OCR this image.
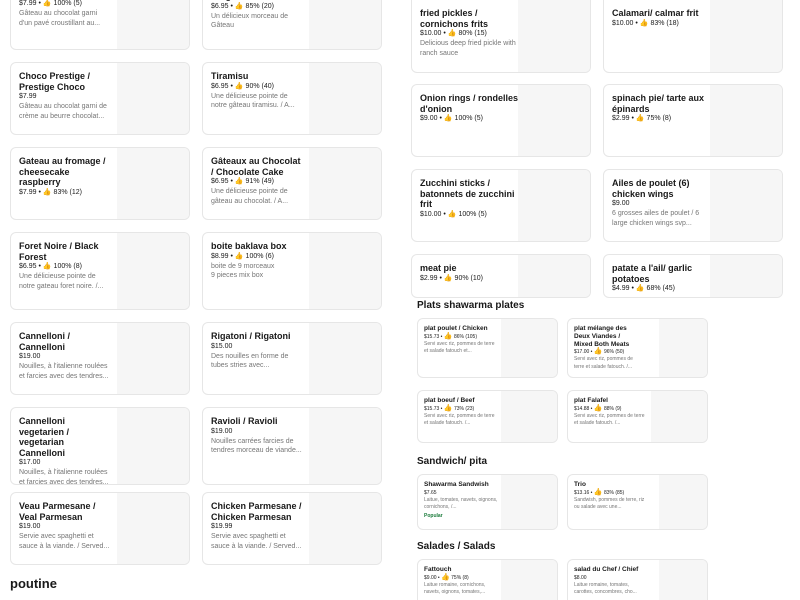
$7.99 • 👍 100% (5)
Gâteau au chocolat garni d'un pavé croustillant au...
Choco Prestige / Prestige Choco
$7.99
Gâteau au chocolat garni de crème au beurre chocolat...
Gateau au fromage / cheesecake raspberry
$7.99 • 👍 83% (12)
Foret Noire / Black Forest
$6.95 • 👍 100% (8)
Une délicieuse pointe de notre gateau foret noire. /...
Cannelloni / Cannelloni
$19.00
Nouilles, à l'italienne roulées et farcies avec des tendres...
Cannelloni vegetarien / vegetarian Cannelloni
$17.00
Nouilles, à l'italienne roulées et farcies avec des tendres...
Veau Parmesane / Veal Parmesan
$19.00
Servie avec spaghetti et sauce à la viande. / Served...
poutine
$6.95 • 👍 85% (20)
Un délicieux morceau de Gâteau
Tiramisu
$6.95 • 👍 90% (40)
Une délicieuse pointe de notre gâteau tiramisu. / A...
Gâteaux au Chocolat / Chocolate Cake
$6.95 • 👍 91% (49)
Une délicieuse pointe de gâteau au chocolat. / A...
boite baklava box
$8.99 • 👍 100% (6)
boite de 9 morceaux
9 pieces mix box
Rigatoni / Rigatoni
$15.00
Des nouilles en forme de tubes stries avec...
Ravioli / Ravioli
$19.00
Nouilles carrées farcies de tendres morceau de viande...
Chicken Parmesane / Chicken Parmesan
$19.99
Servie avec spaghetti et sauce à la viande. / Served...
fried pickles / cornichons frits
$10.00 • 👍 80% (15)
Delicious deep fried pickle with ranch sauce
Onion rings / rondelles d'onion
$9.00 • 👍 100% (5)
Zucchini sticks / batonnets de zucchini frit
$10.00 • 👍 100% (5)
meat pie
$2.99 • 👍 90% (10)
Calamari/ calmar frit
$10.00 • 👍 83% (18)
spinach pie/ tarte aux épinards
$2.99 • 👍 75% (8)
Ailes de poulet (6) chicken wings
$9.00
6 grosses ailes de poulet / 6 large chicken wings svp...
patate a l'ail/ garlic potatoes
$4.99 • 👍 68% (45)
Plats shawarma plates
plat poulet / Chicken
$15.73 • 👍 86% (105)
Servi avec riz, pommes de terre et salade fatouch et...
plat mélange des Deux Viandes / Mixed Both Meats
$17.00 • 👍 96% (50)
Servi avec riz, pommes de terre et salade fatouch. /...
plat boeuf / Beef
$15.73 • 👍 73% (23)
Servi avec riz, pommes de terre et salade fatouch. /...
plat Falafel
$14.88 • 👍 88% (9)
Servi avec riz, pommes de terre et salade fatouch. /...
Sandwich/ pita
Shawarma Sandwish
$7.65
Laitue, tomates, navets, oignons, cornichons, /...
Popular
Trio
$13.16 • 👍 83% (85)
Sandwish, pommes de terre, riz ou salade avec une...
Salades / Salads
Fattouch
$9.00 • 👍 75% (8)
Laitue romaine, cornichons, navets, oignons, tomates,...
salad du Chef / Chief
$8.00
Laitue romaine, tomates, carottes, concombres, cho...
